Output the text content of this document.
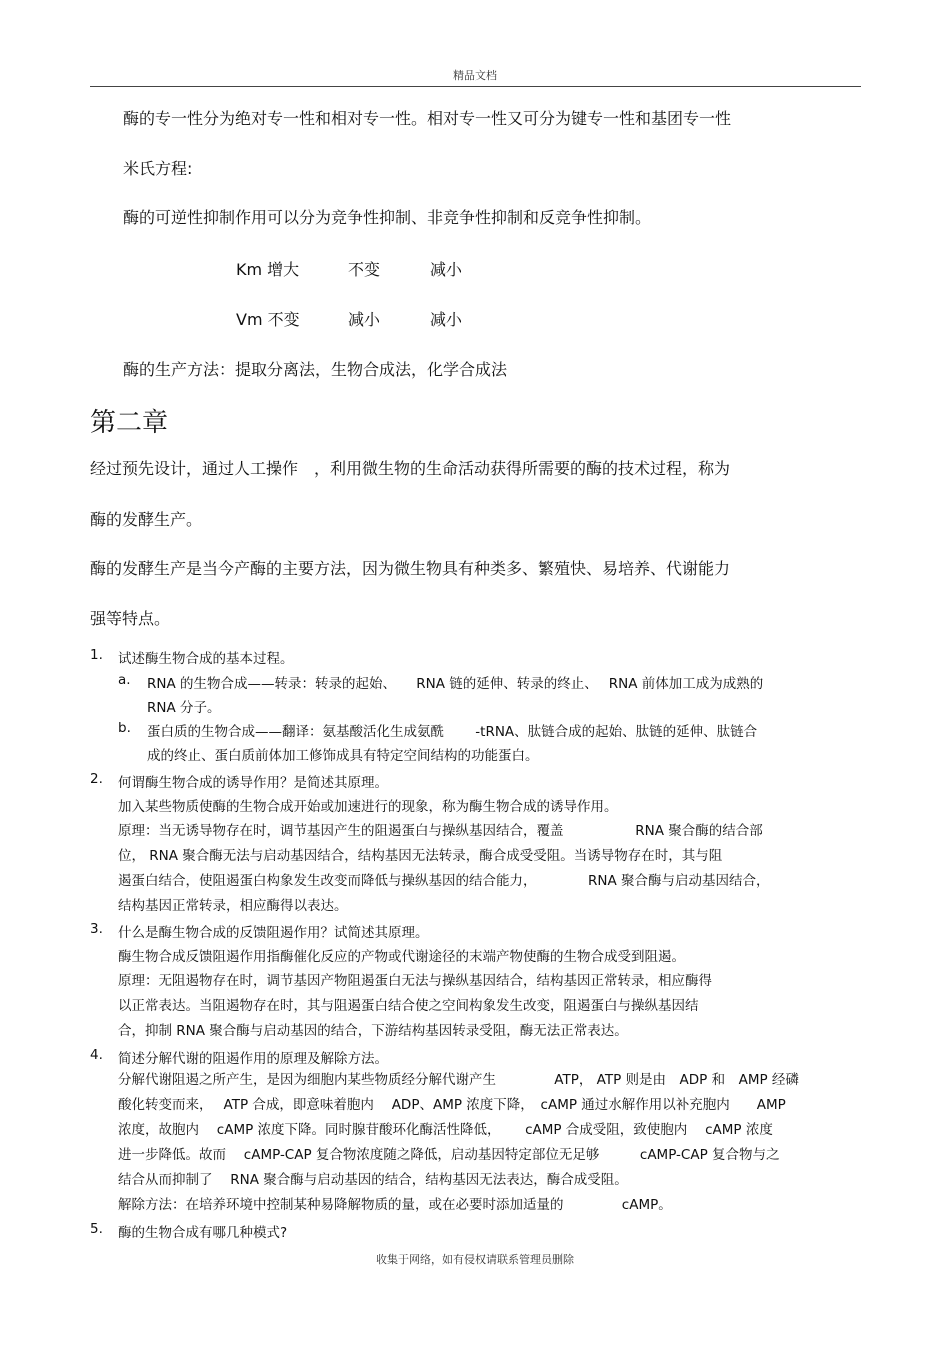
精品文档
酶的专一性分为绝对专一性和相对专一性。相对专一性又可分为键专一性和基团专一性
米氏方程:
酶的可逆性抑制作用可以分为竞争性抑制、非竞争性抑制和反竞争性抑制。
Km 增大	不变	减小
Vm 不变	减小	减小
酶的生产方法：提取分离法，生物合成法，化学合成法
第二章
经过预先设计，通过人工操作　，利用微生物的生命活动获得所需要的酶的技术过程，称为
酶的发酵生产。
酶的发酵生产是当今产酶的主要方法，因为微生物具有种类多、繁殖快、易培养、代谢能力
强等特点。
1. 试述酶生物合成的基本过程。
a. RNA 的生物合成——转录：转录的起始、　　RNA 链的延伸、转录的终止、　 RNA 前体加工成为成熟的
RNA 分子。
b. 蛋白质的生物合成——翻译：氨基酸活化生成氨酰　　 -tRNA、肽链合成的起始、肽链的延伸、肽链合
成的终止、蛋白质前体加工修饰成具有特定空间结构的功能蛋白。
2. 何谓酶生物合成的诱导作用？是简述其原理。
加入某些物质使酶的生物合成开始或加速进行的现象，称为酶生物合成的诱导作用。
原理：当无诱导物存在时，调节基因产生的阻遏蛋白与操纵基因结合，覆盖　　　　　 RNA 聚合酶的结合部
位， RNA 聚合酶无法与启动基因结合，结构基因无法转录，酶合成受受阻。当诱导物存在时，其与阻
遏蛋白结合，使阻遏蛋白构象发生改变而降低与操纵基因的结合能力，　　　　 RNA 聚合酶与启动基因结合，
结构基因正常转录，相应酶得以表达。
3. 什么是酶生物合成的反馈阻遏作用？试简述其原理。
酶生物合成反馈阻遏作用指酶催化反应的产物或代谢途径的末端产物使酶的生物合成受到阻遏。
原理：无阻遏物存在时，调节基因产物阻遏蛋白无法与操纵基因结合，结构基因正常转录，相应酶得
以正常表达。当阻遏物存在时，其与阻遏蛋白结合使之空间构象发生改变，阻遏蛋白与操纵基因结
合，抑制 RNA 聚合酶与启动基因的结合，下游结构基因转录受阻，酶无法正常表达。
4. 简述分解代谢的阻遏作用的原理及解除方法。
分解代谢阻遏之所产生，是因为细胞内某些物质经分解代谢产生　　　　 ATP， ATP 则是由　ADP 和　AMP 经磷
酸化转变而来，　 ATP 合成，即意味着胞内　 ADP、AMP 浓度下降，　cAMP 通过水解作用以补充胞内　　AMP
浓度，故胞内　 cAMP 浓度下降。同时腺苷酸环化酶活性降低，　　 cAMP 合成受阻，致使胞内　 cAMP 浓度
进一步降低。故而　 cAMP-CAP 复合物浓度随之降低，启动基因特定部位无足够　　　cAMP-CAP 复合物与之
结合从而抑制了　 RNA 聚合酶与启动基因的结合，结构基因无法表达，酶合成受阻。
解除方法：在培养环境中控制某种易降解物质的量，或在必要时添加适量的　　　　 cAMP。
5. 酶的生物合成有哪几种模式?
收集于网络，如有侵权请联系管理员删除
